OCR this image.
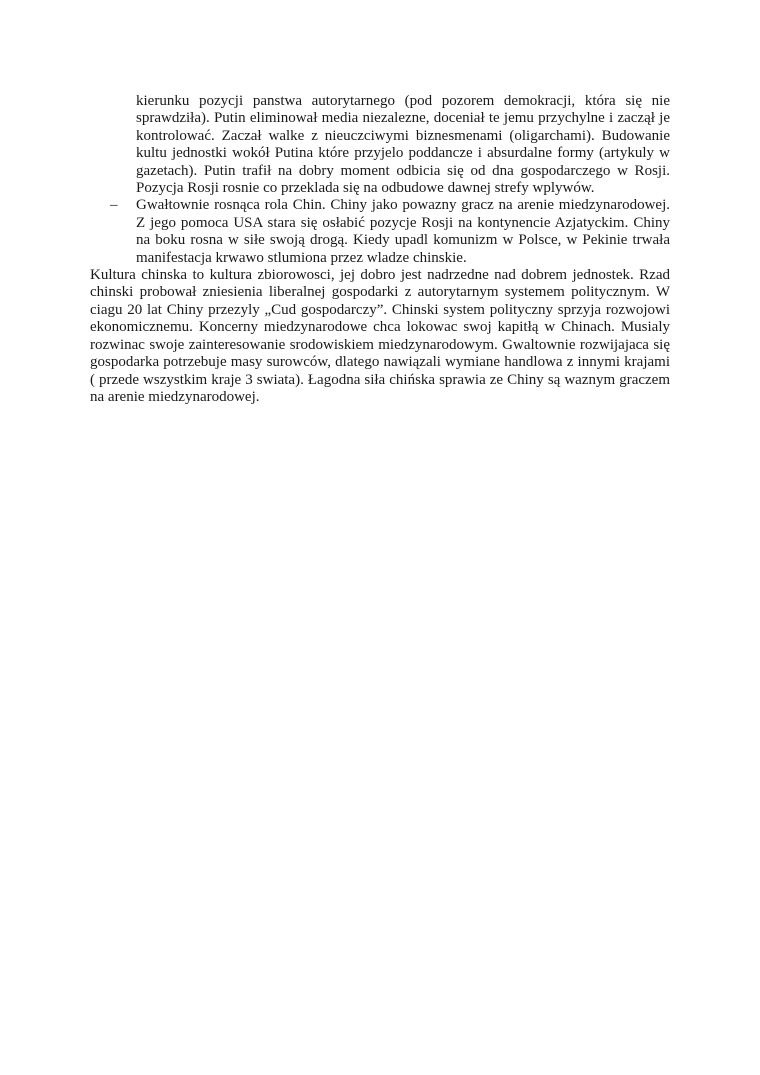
kierunku pozycji panstwa autorytarnego (pod pozorem demokracji, która się nie sprawdziła). Putin eliminował media niezalezne, doceniał te jemu przychylne i zaczął je kontrolować. Zaczał walke z nieuczciwymi biznesmenami (oligarchami). Budowanie kultu jednostki wokół Putina które przyjelo poddancze i absurdalne formy (artykuly w gazetach). Putin trafił na dobry moment odbicia się od dna gospodarczego w Rosji. Pozycja Rosji rosnie co przeklada się na odbudowe dawnej strefy wplywów.

– Gwałtownie rosnąca rola Chin. Chiny jako powazny gracz na arenie miedzynarodowej. Z jego pomoca USA stara się osłabić pozycje Rosji na kontynencie Azjatyckim. Chiny na boku rosna w siłe swoją drogą. Kiedy upadl komunizm w Polsce, w Pekinie trwała manifestacja krwawo stlumiona przez wladze chinskie.

Kultura chinska to kultura zbiorowosci, jej dobro jest nadrzedne nad dobrem jednostek. Rzad chinski probował zniesienia liberalnej gospodarki z autorytarnym systemem politycznym. W ciagu 20 lat Chiny przezyly „Cud gospodarczy”. Chinski system polityczny sprzyja rozwojowi ekonomicznemu. Koncerny miedzynarodowe chca lokowac swoj kapitłą w Chinach. Musialy rozwinac swoje zainteresowanie srodowiskiem miedzynarodowym. Gwaltownie rozwijajaca się gospodarka potrzebuje masy surowców, dlatego nawiązali wymiane handlowa z innymi krajami ( przede wszystkim kraje 3 swiata). Łagodna siła chińska sprawia ze Chiny są waznym graczem na arenie miedzynarodowej.
